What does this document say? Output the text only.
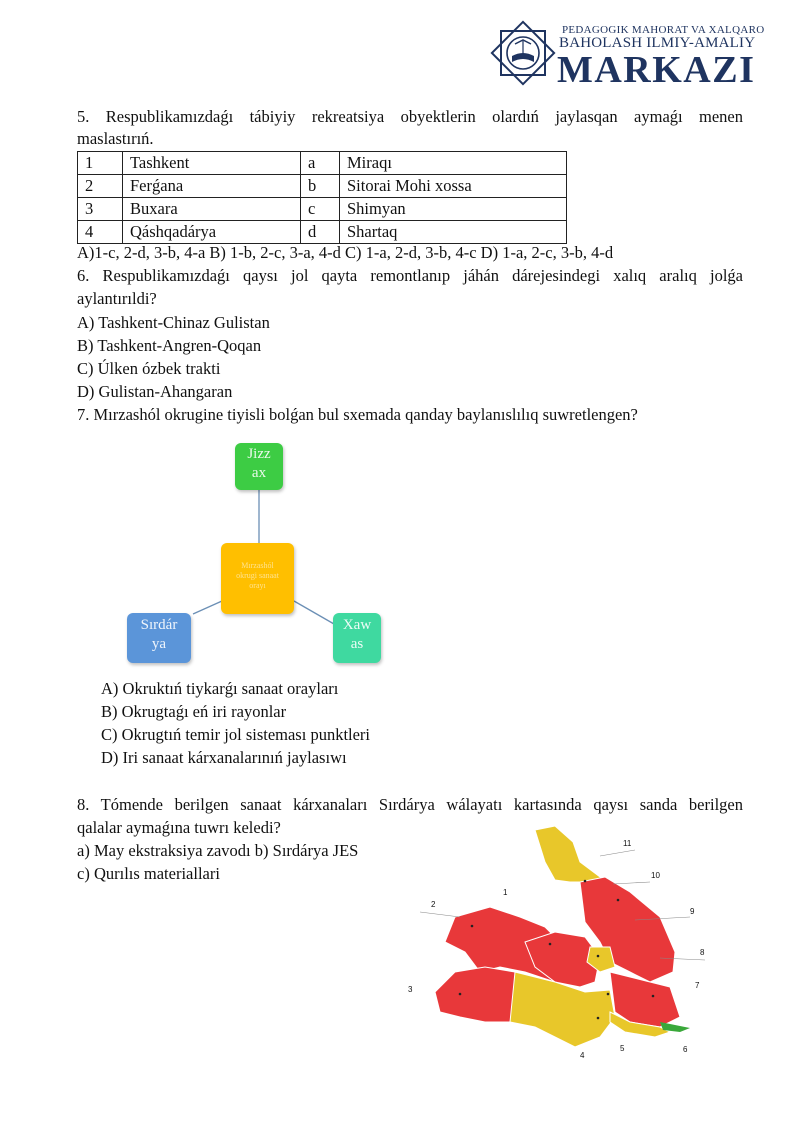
PEDAGOGIK MAHORAT VA XALQARO
BAHOLASH ILMIY-AMALIY
MARKAZI
5. Respublikamızdaǵı tábiyiy rekreatsiya obyektlerin olardıń jaylasqan aymaǵı menen
maslastırıń.
1	Tashkent	a	Miraqı
2	Ferǵana	b	Sitorai Mohi xossa
3	Buxara	c	Shimyan
4	Qáshqadárya	d	Shartaq
A)1-c, 2-d, 3-b, 4-a B) 1-b, 2-c, 3-a, 4-d C) 1-a, 2-d, 3-b, 4-c D) 1-a, 2-c, 3-b, 4-d
6. Respublikamızdaǵı qaysı jol qayta remontlanıp jáhán dárejesindegi xalıq aralıq jolǵa
aylantırıldi?
A) Tashkent-Chinaz Gulistan
B) Tashkent-Angren-Qoqan
C) Úlken ózbek trakti
D) Gulistan-Ahangaran
7. Mırzashól okrugine tiyisli bolǵan bul sxemada qanday baylanıslılıq suwretlengen?
Jizz
ax
Mırzashól
okrugi sanaat
orayı
Sırdár
ya
Xaw
as
A) Okruktıń tiykarǵı sanaat orayları
B) Okrugtaǵı eń iri rayonlar
C) Okrugtıń temir jol sisteması punktleri
D) Iri sanaat kárxanalarınıń jaylasıwı
8. Tómende berilgen sanaat kárxanaları Sırdárya wálayatı kartasında qaysı sanda berilgen
qalalar aymaǵına tuwrı keledi?
a) May ekstraksiya zavodı b) Sırdárya JES
c) Qurılıs materiallari
11
10
9
8
7
6
5
4
3
2
1
